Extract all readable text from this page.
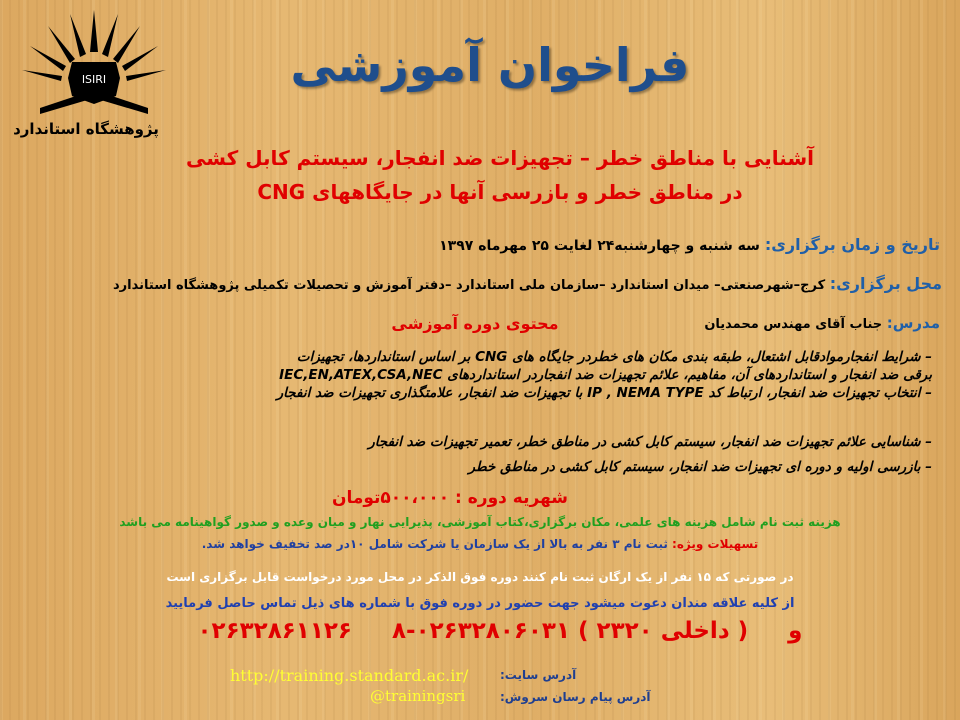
ISIRI
پژوهشگاه استاندارد
فراخوان آموزشی
آشنایی با مناطق خطر – تجهیزات ضد انفجار، سیستم کابل کشی
در مناطق خطر و بازرسی آنها در جایگاههای CNG
تاریخ و زمان برگزاری: سه شنبه و چهارشنبه۲۴ لغایت ۲۵ مهرماه ۱۳۹۷
محل برگزاری: کرج–شهرصنعتی– میدان استاندارد –سازمان ملی استاندارد –دفتر آموزش و تحصیلات تکمیلی پژوهشگاه استاندارد
مدرس: جناب آقای مهندس محمدیان
محتوی دوره آموزشی
– شرایط انفجارموادقابل اشتعال، طبقه بندی مکان های خطردر جایگاه های CNG بر اساس استانداردها، تجهیزات
برقی ضد انفجار و استانداردهای آن، مفاهیم، علائم تجهیزات ضد انفجاردر استانداردهای IEC,EN,ATEX,CSA,NEC
– انتخاب تجهیزات ضد انفجار، ارتباط کد IP , NEMA TYPE با تجهیزات ضد انفجار، علامتگذاری تجهیزات ضد انفجار
– شناسایی علائم تجهیزات ضد انفجار، سیستم کابل کشی در مناطق خطر، تعمیر تجهیزات ضد انفجار
– بازرسی اولیه و دوره ای تجهیزات ضد انفجار، سیستم کابل کشی در مناطق خطر
شهریه دوره : ۵۰۰،۰۰۰تومان
هزینه ثبت نام شامل هزینه های علمی، مکان برگزاری،کتاب آموزشی، پذیرایی نهار و میان وعده و صدور گواهینامه می باشد
تسهیلات ویژه: ثبت نام ۳ نفر به بالا از یک سازمان یا شرکت شامل ۱۰در صد تخفیف خواهد شد.
در صورتی که ۱۵ نفر از یک ارگان ثبت نام کنند دوره فوق الذکر در محل مورد درخواست قابل برگزاری است
از کلیه علاقه مندان دعوت میشود جهت حضور در دوره فوق با شماره های ذیل تماس حاصل فرمایید
۰۲۶۳۲۸۶۱۱۲۶     و     ( داخلی ۲۳۲۰ ) ۰۲۶۳۲۸۰۶۰۳۱-۸
آدرس سایت:
http://training.standard.ac.ir/
آدرس پیام رسان سروش:
@trainingsri
